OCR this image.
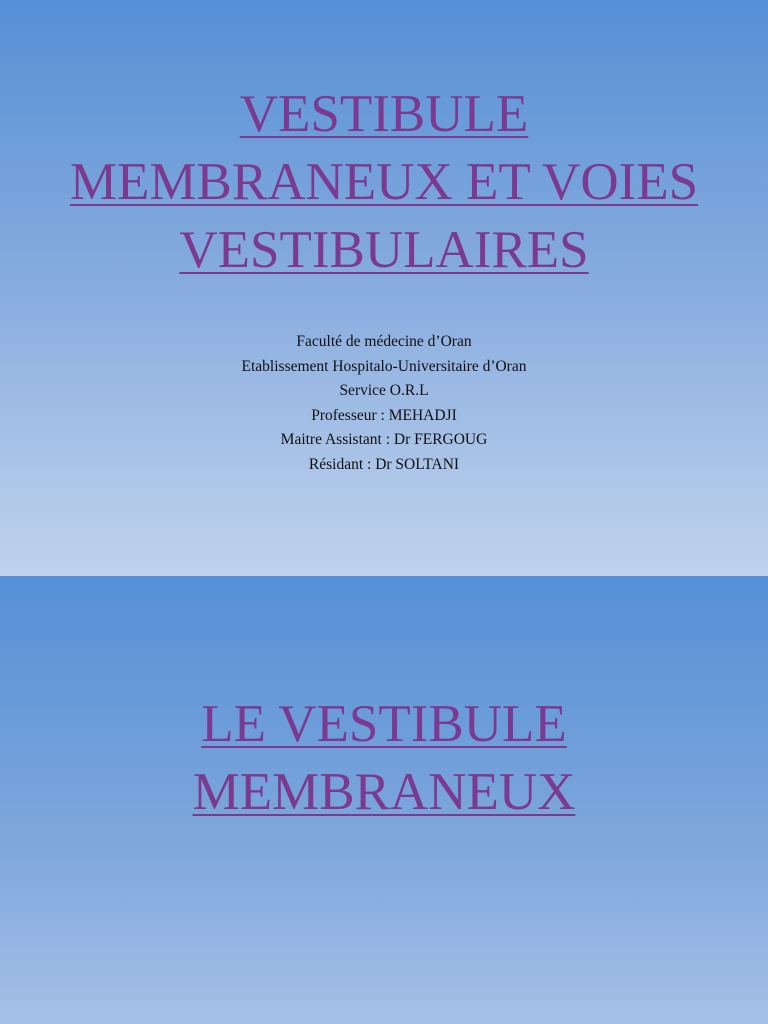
VESTIBULE
MEMBRANEUX ET VOIES
VESTIBULAIRES
Faculté de médecine d’Oran
Etablissement Hospitalo-Universitaire d’Oran
Service O.R.L
Professeur : MEHADJI
Maitre Assistant : Dr FERGOUG
Résidant : Dr SOLTANI
LE VESTIBULE
MEMBRANEUX
